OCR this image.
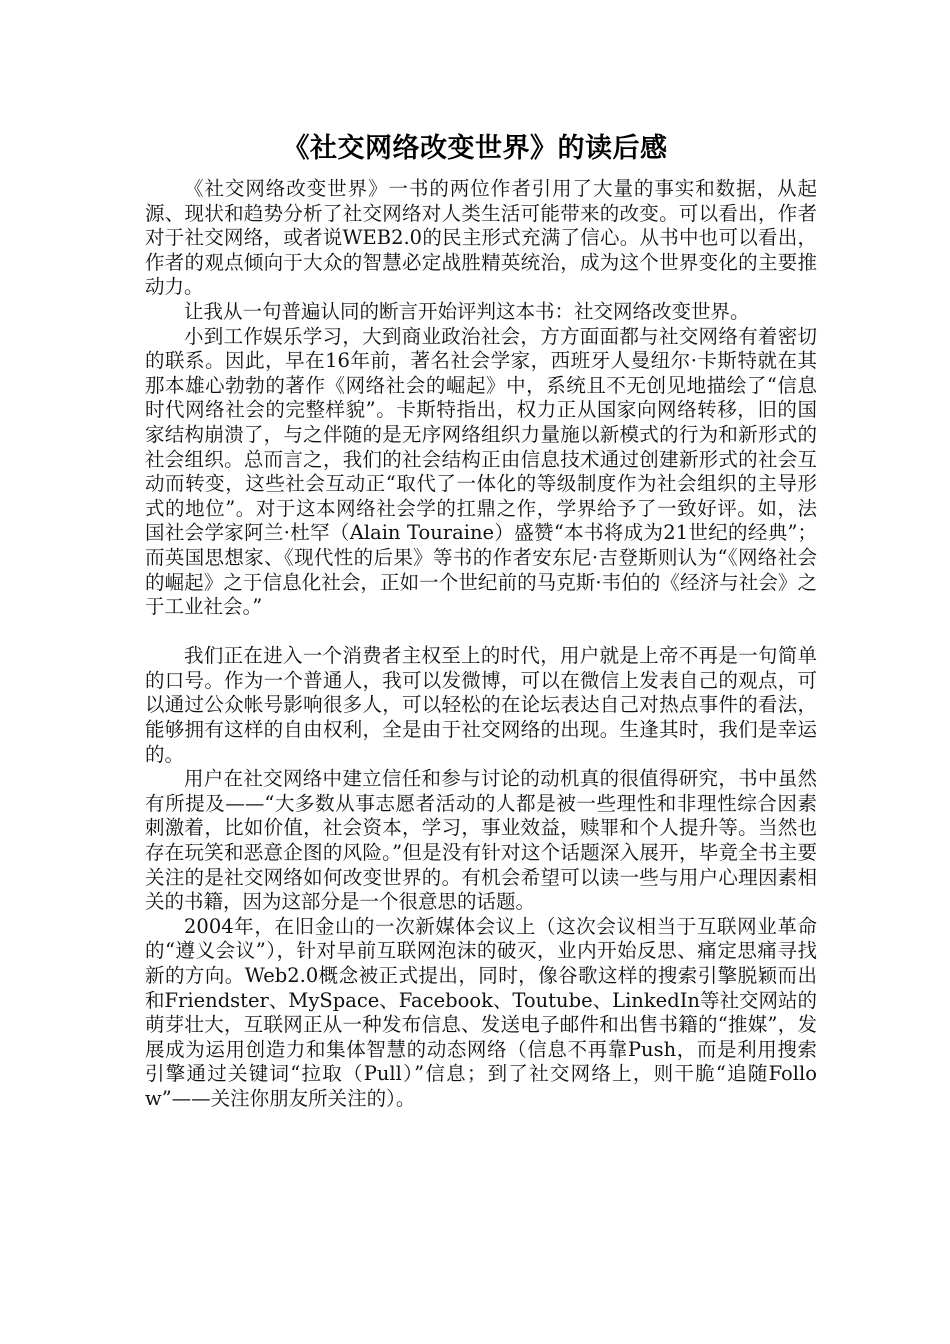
《社交网络改变世界》的读后感

《社交网络改变世界》一书的两位作者引用了大量的事实和数据，从起源、现状和趋势分析了社交网络对人类生活可能带来的改变。可以看出，作者对于社交网络，或者说WEB2.0的民主形式充满了信心。从书中也可以看出，作者的观点倾向于大众的智慧必定战胜精英统治，成为这个世界变化的主要推动力。

让我从一句普遍认同的断言开始评判这本书：社交网络改变世界。

小到工作娱乐学习，大到商业政治社会，方方面面都与社交网络有着密切的联系。因此，早在16年前，著名社会学家，西班牙人曼纽尔·卡斯特就在其那本雄心勃勃的著作《网络社会的崛起》中，系统且不无创见地描绘了“信息时代网络社会的完整样貌”。卡斯特指出，权力正从国家向网络转移，旧的国家结构崩溃了，与之伴随的是无序网络组织力量施以新模式的行为和新形式的社会组织。总而言之，我们的社会结构正由信息技术通过创建新形式的社会互动而转变，这些社会互动正“取代了一体化的等级制度作为社会组织的主导形式的地位”。对于这本网络社会学的扛鼎之作，学界给予了一致好评。如，法国社会学家阿兰·杜罕（Alain Touraine）盛赞“本书将成为21世纪的经典”；而英国思想家、《现代性的后果》等书的作者安东尼·吉登斯则认为“《网络社会的崛起》之于信息化社会，正如一个世纪前的马克斯·韦伯的《经济与社会》之于工业社会。”

我们正在进入一个消费者主权至上的时代，用户就是上帝不再是一句简单的口号。作为一个普通人，我可以发微博，可以在微信上发表自己的观点，可以通过公众帐号影响很多人，可以轻松的在论坛表达自己对热点事件的看法，能够拥有这样的自由权利，全是由于社交网络的出现。生逢其时，我们是幸运的。

用户在社交网络中建立信任和参与讨论的动机真的很值得研究，书中虽然有所提及——“大多数从事志愿者活动的人都是被一些理性和非理性综合因素刺激着，比如价值，社会资本，学习，事业效益，赎罪和个人提升等。当然也存在玩笑和恶意企图的风险。”但是没有针对这个话题深入展开，毕竟全书主要关注的是社交网络如何改变世界的。有机会希望可以读一些与用户心理因素相关的书籍，因为这部分是一个很意思的话题。

2004年，在旧金山的一次新媒体会议上（这次会议相当于互联网业革命的“遵义会议”），针对早前互联网泡沫的破灭，业内开始反思、痛定思痛寻找新的方向。Web2.0概念被正式提出，同时，像谷歌这样的搜索引擎脱颖而出和Friendster、MySpace、Facebook、Toutube、LinkedIn等社交网站的萌芽壮大，互联网正从一种发布信息、发送电子邮件和出售书籍的“推媒”，发展成为运用创造力和集体智慧的动态网络（信息不再靠Push，而是利用搜索引擎通过关键词“拉取（Pull）”信息；到了社交网络上，则干脆“追随Follow”——关注你朋友所关注的）。
